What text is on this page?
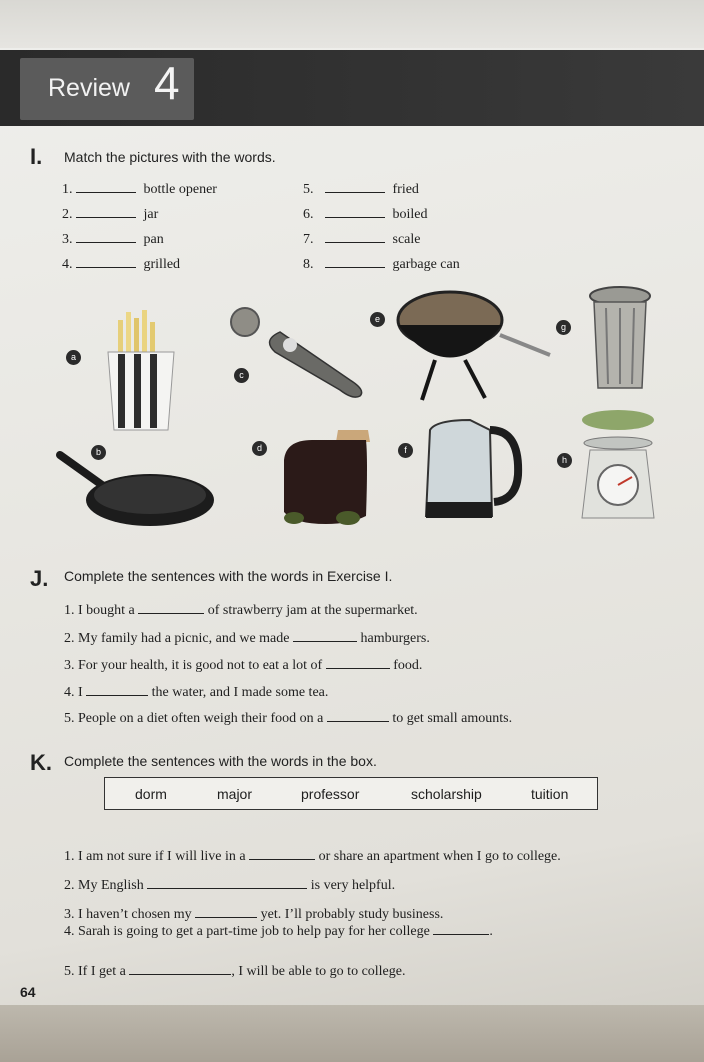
Review 4
I. Match the pictures with the words.
1.	bottle opener
2.	jar
3.	pan
4.	grilled
5.	fried
6.	boiled
7.	scale
8.	garbage can
a
b
c
d
e
f
g
h
J. Complete the sentences with the words in Exercise I.
1. I bought a	of strawberry jam at the supermarket.
2. My family had a picnic, and we made	hamburgers.
3. For your health, it is good not to eat a lot of	food.
4. I	the water, and I made some tea.
5. People on a diet often weigh their food on a	to get small amounts.
K. Complete the sentences with the words in the box.
dorm	major	professor	scholarship	tuition
1. I am not sure if I will live in a	or share an apartment when I go to college.
2. My English	is very helpful.
3. I haven’t chosen my	yet. I’ll probably study business.
4. Sarah is going to get a part-time job to help pay for her college	.
5. If I get a	, I will be able to go to college.
64
